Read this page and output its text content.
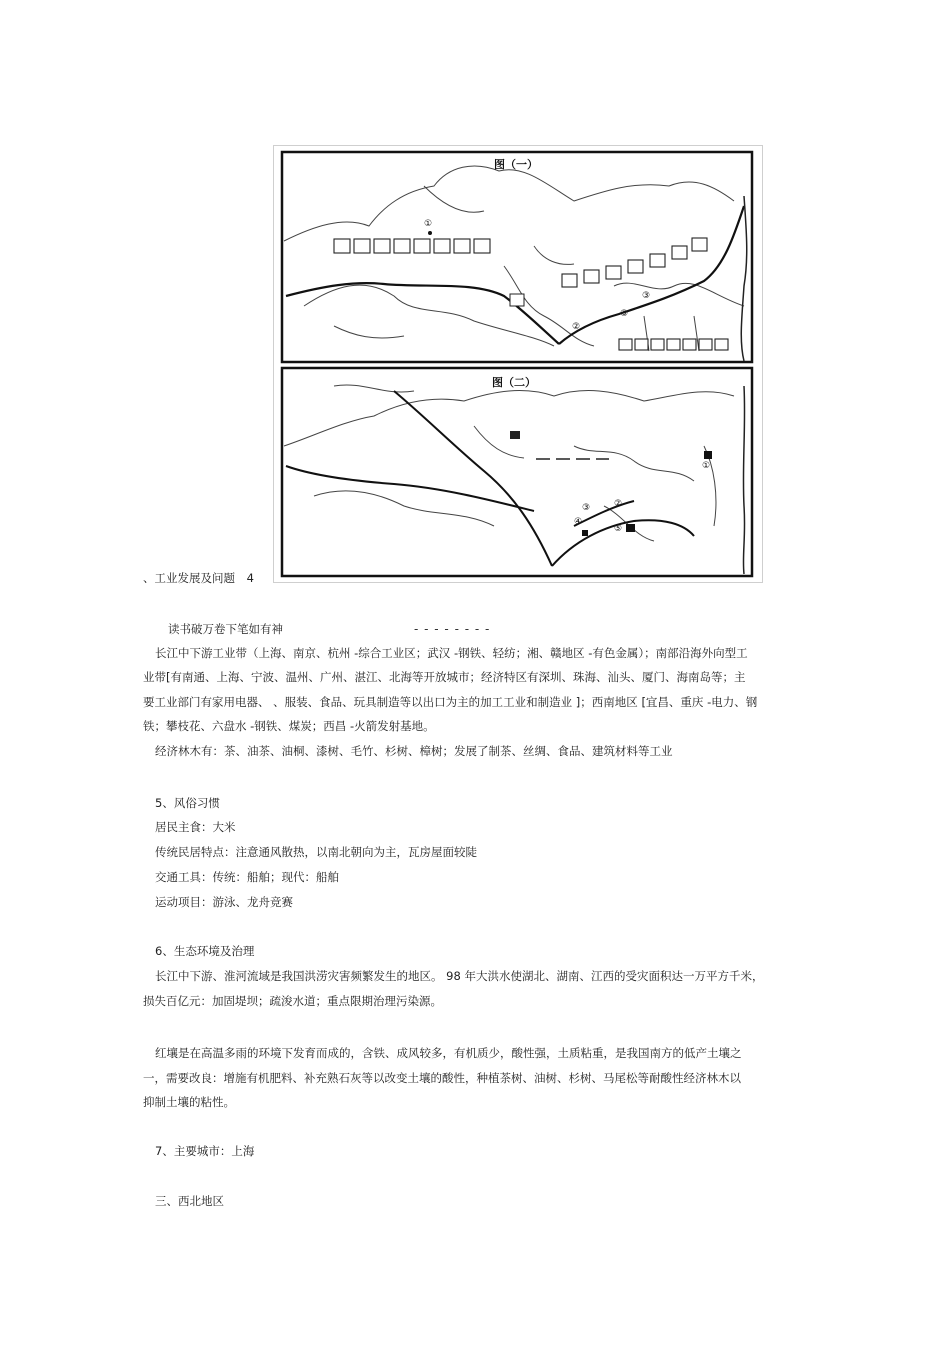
①
②
③
③
图（一）
①
②
③
④
⑤
图（二）
、工业发展及问题 4
读书破万卷下笔如有神	- - - - - - - -
长江中下游工业带（上海、南京、杭州 -综合工业区；武汉 -钢铁、轻纺；湘、赣地区 -有色金属）；南部沿海外向型工
业带[有南通、上海、宁波、温州、广州、湛江、北海等开放城市；经济特区有深圳、珠海、汕头、厦门、海南岛等；主
要工业部门有家用电器、 、服装、食品、玩具制造等以出口为主的加工工业和制造业 ]；西南地区 [宜昌、重庆 -电力、钢
铁；攀枝花、六盘水 -钢铁、煤炭；西昌 -火箭发射基地。
经济林木有：茶、油茶、油桐、漆树、毛竹、杉树、樟树；发展了制茶、丝绸、食品、建筑材料等工业
5、风俗习惯
居民主食：大米
传统民居特点：注意通风散热，以南北朝向为主，瓦房屋面较陡
交通工具：传统：船舶；现代：船舶
运动项目：游泳、龙舟竞赛
6、生态环境及治理
长江中下游、淮河流域是我国洪涝灾害频繁发生的地区。 98 年大洪水使湖北、湖南、江西的受灾面积达一万平方千米，
损失百亿元：加固堤坝；疏浚水道；重点限期治理污染源。
红壤是在高温多雨的环境下发育而成的，含铁、成风较多，有机质少，酸性强，土质粘重，是我国南方的低产土壤之
一，需要改良：增施有机肥料、补充熟石灰等以改变土壤的酸性，种植茶树、油树、杉树、马尾松等耐酸性经济林木以
抑制土壤的粘性。
7、主要城市：上海
三、西北地区
